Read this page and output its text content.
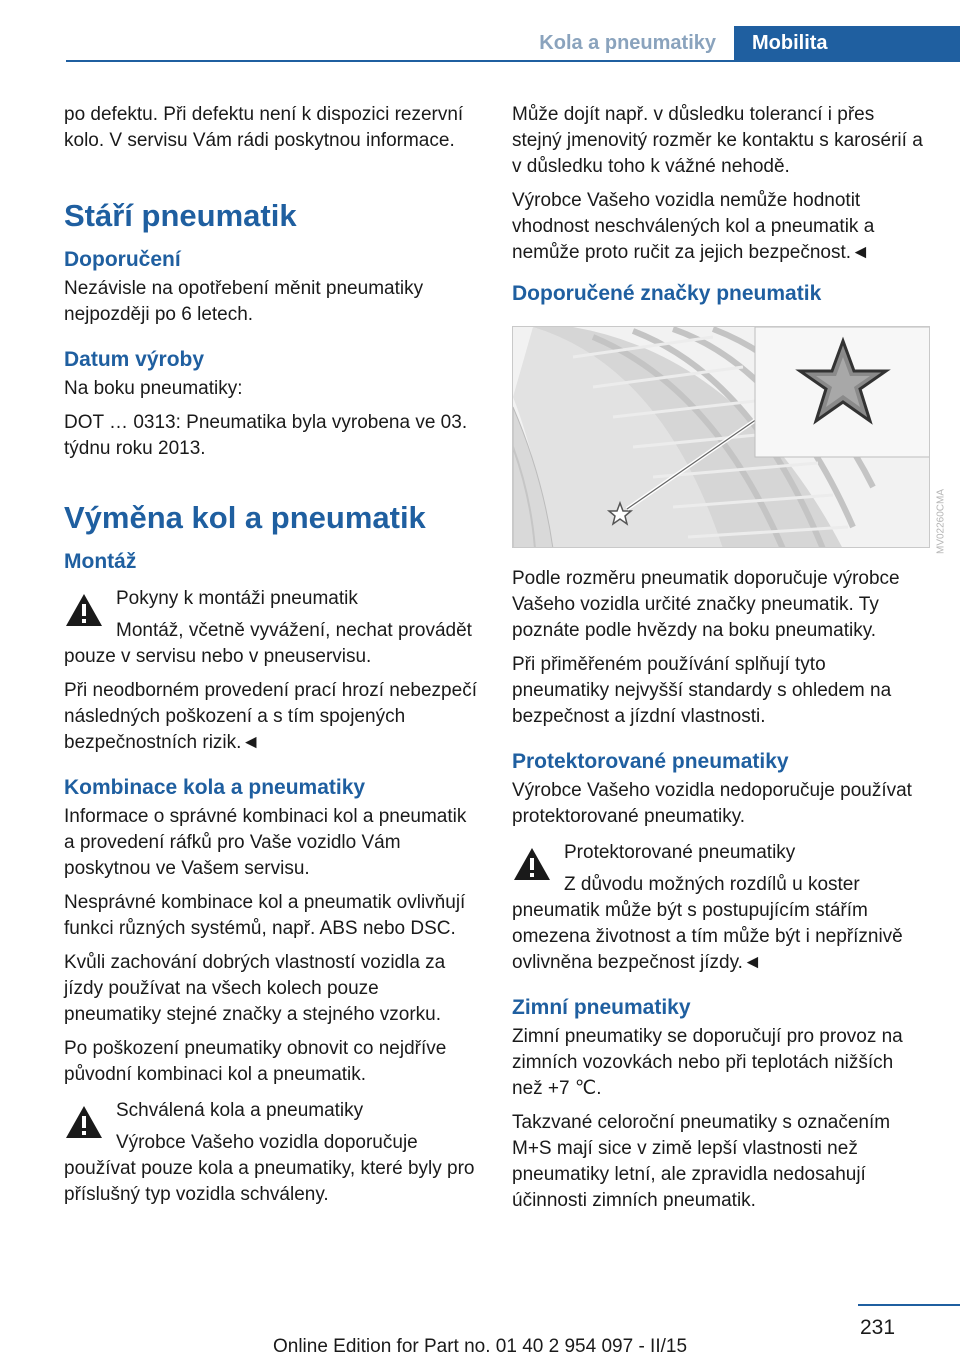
Kola a pneumatiky	Mobilita

po defektu. Při defektu není k dispozici rezervní kolo. V servisu Vám rádi poskytnou informace.

Stáří pneumatik
Doporučení

Nezávisle na opotřebení měnit pneumatiky nejpozději po 6 letech.

Datum výroby

Na boku pneumatiky:

DOT … 0313: Pneumatika byla vyrobena ve 03. týdnu roku 2013.

Výměna kol a pneumatik
Montáž

Pokyny k montáži pneumatik

Montáž, včetně vyvážení, nechat provádět pouze v servisu nebo v pneuservisu.

Při neodborném provedení prací hrozí nebezpečí následných poškození a s tím spojených bezpečnostních rizik.◄

Kombinace kola a pneumatiky

Informace o správné kombinaci kol a pneumatik a provedení ráfků pro Vaše vozidlo Vám poskytnou ve Vašem servisu.

Nesprávné kombinace kol a pneumatik ovlivňují funkci různých systémů, např. ABS nebo DSC.

Kvůli zachování dobrých vlastností vozidla za jízdy používat na všech kolech pouze pneumatiky stejné značky a stejného vzorku.

Po poškození pneumatiky obnovit co nejdříve původní kombinaci kol a pneumatik.

Schválená kola a pneumatiky

Výrobce Vašeho vozidla doporučuje používat pouze kola a pneumatiky, které byly pro příslušný typ vozidla schváleny.

Může dojít např. v důsledku tolerancí i přes stejný jmenovitý rozměr ke kontaktu s karosérií a v důsledku toho k vážné nehodě.

Výrobce Vašeho vozidla nemůže hodnotit vhodnost neschválených kol a pneumatik a nemůže proto ručit za jejich bezpečnost.◄

Doporučené značky pneumatik

Podle rozměru pneumatik doporučuje výrobce Vašeho vozidla určité značky pneumatik. Ty poznáte podle hvězdy na boku pneumatiky.

Při přiměřeném používání splňují tyto pneumatiky nejvyšší standardy s ohledem na bezpečnost a jízdní vlastnosti.

Protektorované pneumatiky

Výrobce Vašeho vozidla nedoporučuje používat protektorované pneumatiky.

Protektorované pneumatiky

Z důvodu možných rozdílů u koster pneumatik může být s postupujícím stářím omezena životnost a tím může být i nepříznivě ovlivněna bezpečnost jízdy.◄

Zimní pneumatiky

Zimní pneumatiky se doporučují pro provoz na zimních vozovkách nebo při teplotách nižších než +7 ℃.

Takzvané celoroční pneumatiky s označením M+S mají sice v zimě lepší vlastnosti než pneumatiky letní, ale zpravidla nedosahují účinnosti zimních pneumatik.

MV02260CMA
231
Online Edition for Part no. 01 40 2 954 097 - II/15
